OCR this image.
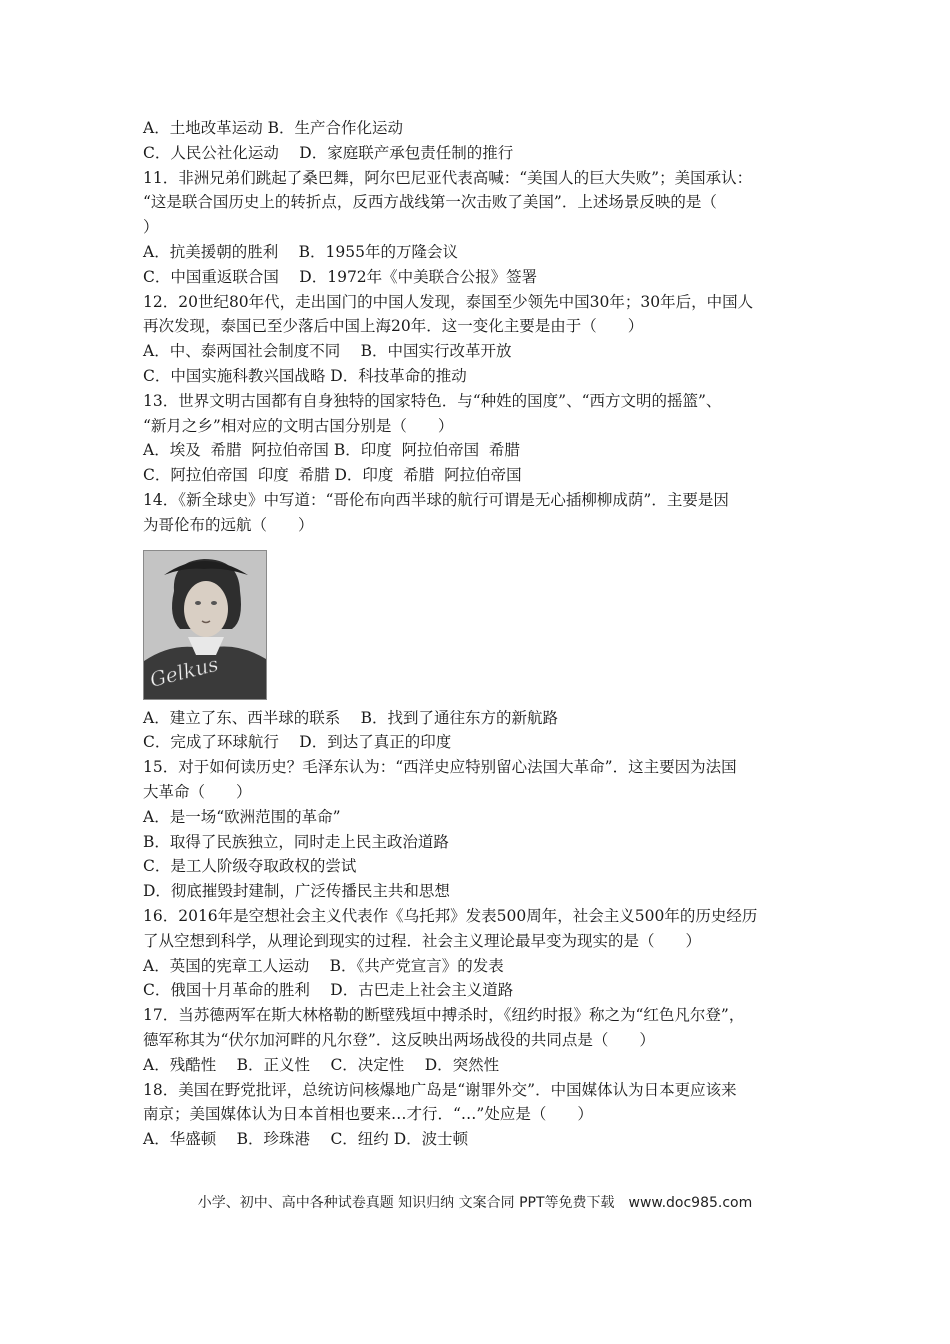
A．土地改革运动 B．生产合作化运动
C．人民公社化运动　 D．家庭联产承包责任制的推行
11．非洲兄弟们跳起了桑巴舞，阿尔巴尼亚代表高喊：“美国人的巨大失败”；美国承认：
“这是联合国历史上的转折点，反西方战线第一次击败了美国”．上述场景反映的是（
）
A．抗美援朝的胜利　 B．1955年的万隆会议
C．中国重返联合国　 D．1972年《中美联合公报》签署
12．20世纪80年代，走出国门的中国人发现，泰国至少领先中国30年；30年后，中国人
再次发现，泰国已至少落后中国上海20年．这一变化主要是由于（　　）
A．中、泰两国社会制度不同　 B．中国实行改革开放
C．中国实施科教兴国战略 D．科技革命的推动
13．世界文明古国都有自身独特的国家特色．与“种姓的国度”、“西方文明的摇篮”、
“新月之乡”相对应的文明古国分别是（　　）
A．埃及  希腊  阿拉伯帝国 B．印度  阿拉伯帝国  希腊
C．阿拉伯帝国  印度  希腊 D．印度  希腊  阿拉伯帝国
14．《新全球史》中写道：“哥伦布向西半球的航行可谓是无心插柳柳成荫”．主要是因
为哥伦布的远航（　　）
Gelkus
A．建立了东、西半球的联系　 B．找到了通往东方的新航路
C．完成了环球航行　 D．到达了真正的印度
15．对于如何读历史？毛泽东认为：“西洋史应特别留心法国大革命”．这主要因为法国
大革命（　　）
A．是一场“欧洲范围的革命”
B．取得了民族独立，同时走上民主政治道路
C．是工人阶级夺取政权的尝试
D．彻底摧毁封建制，广泛传播民主共和思想
16．2016年是空想社会主义代表作《乌托邦》发表500周年，社会主义500年的历史经历
了从空想到科学，从理论到现实的过程．社会主义理论最早变为现实的是（　　）
A．英国的宪章工人运动　 B．《共产党宣言》的发表
C．俄国十月革命的胜利　 D．古巴走上社会主义道路
17．当苏德两军在斯大林格勒的断壁残垣中搏杀时，《纽约时报》称之为“红色凡尔登”，
德军称其为“伏尔加河畔的凡尔登”．这反映出两场战役的共同点是（　　）
A．残酷性　 B．正义性　 C．决定性　 D．突然性
18．美国在野党批评，总统访问核爆地广岛是“谢罪外交”．中国媒体认为日本更应该来
南京；美国媒体认为日本首相也要来…才行．“…”处应是（　　）
A．华盛顿　 B．珍珠港　 C．纽约 D．波士顿
小学、初中、高中各种试卷真题 知识归纳 文案合同 PPT等免费下载　www.doc985.com
